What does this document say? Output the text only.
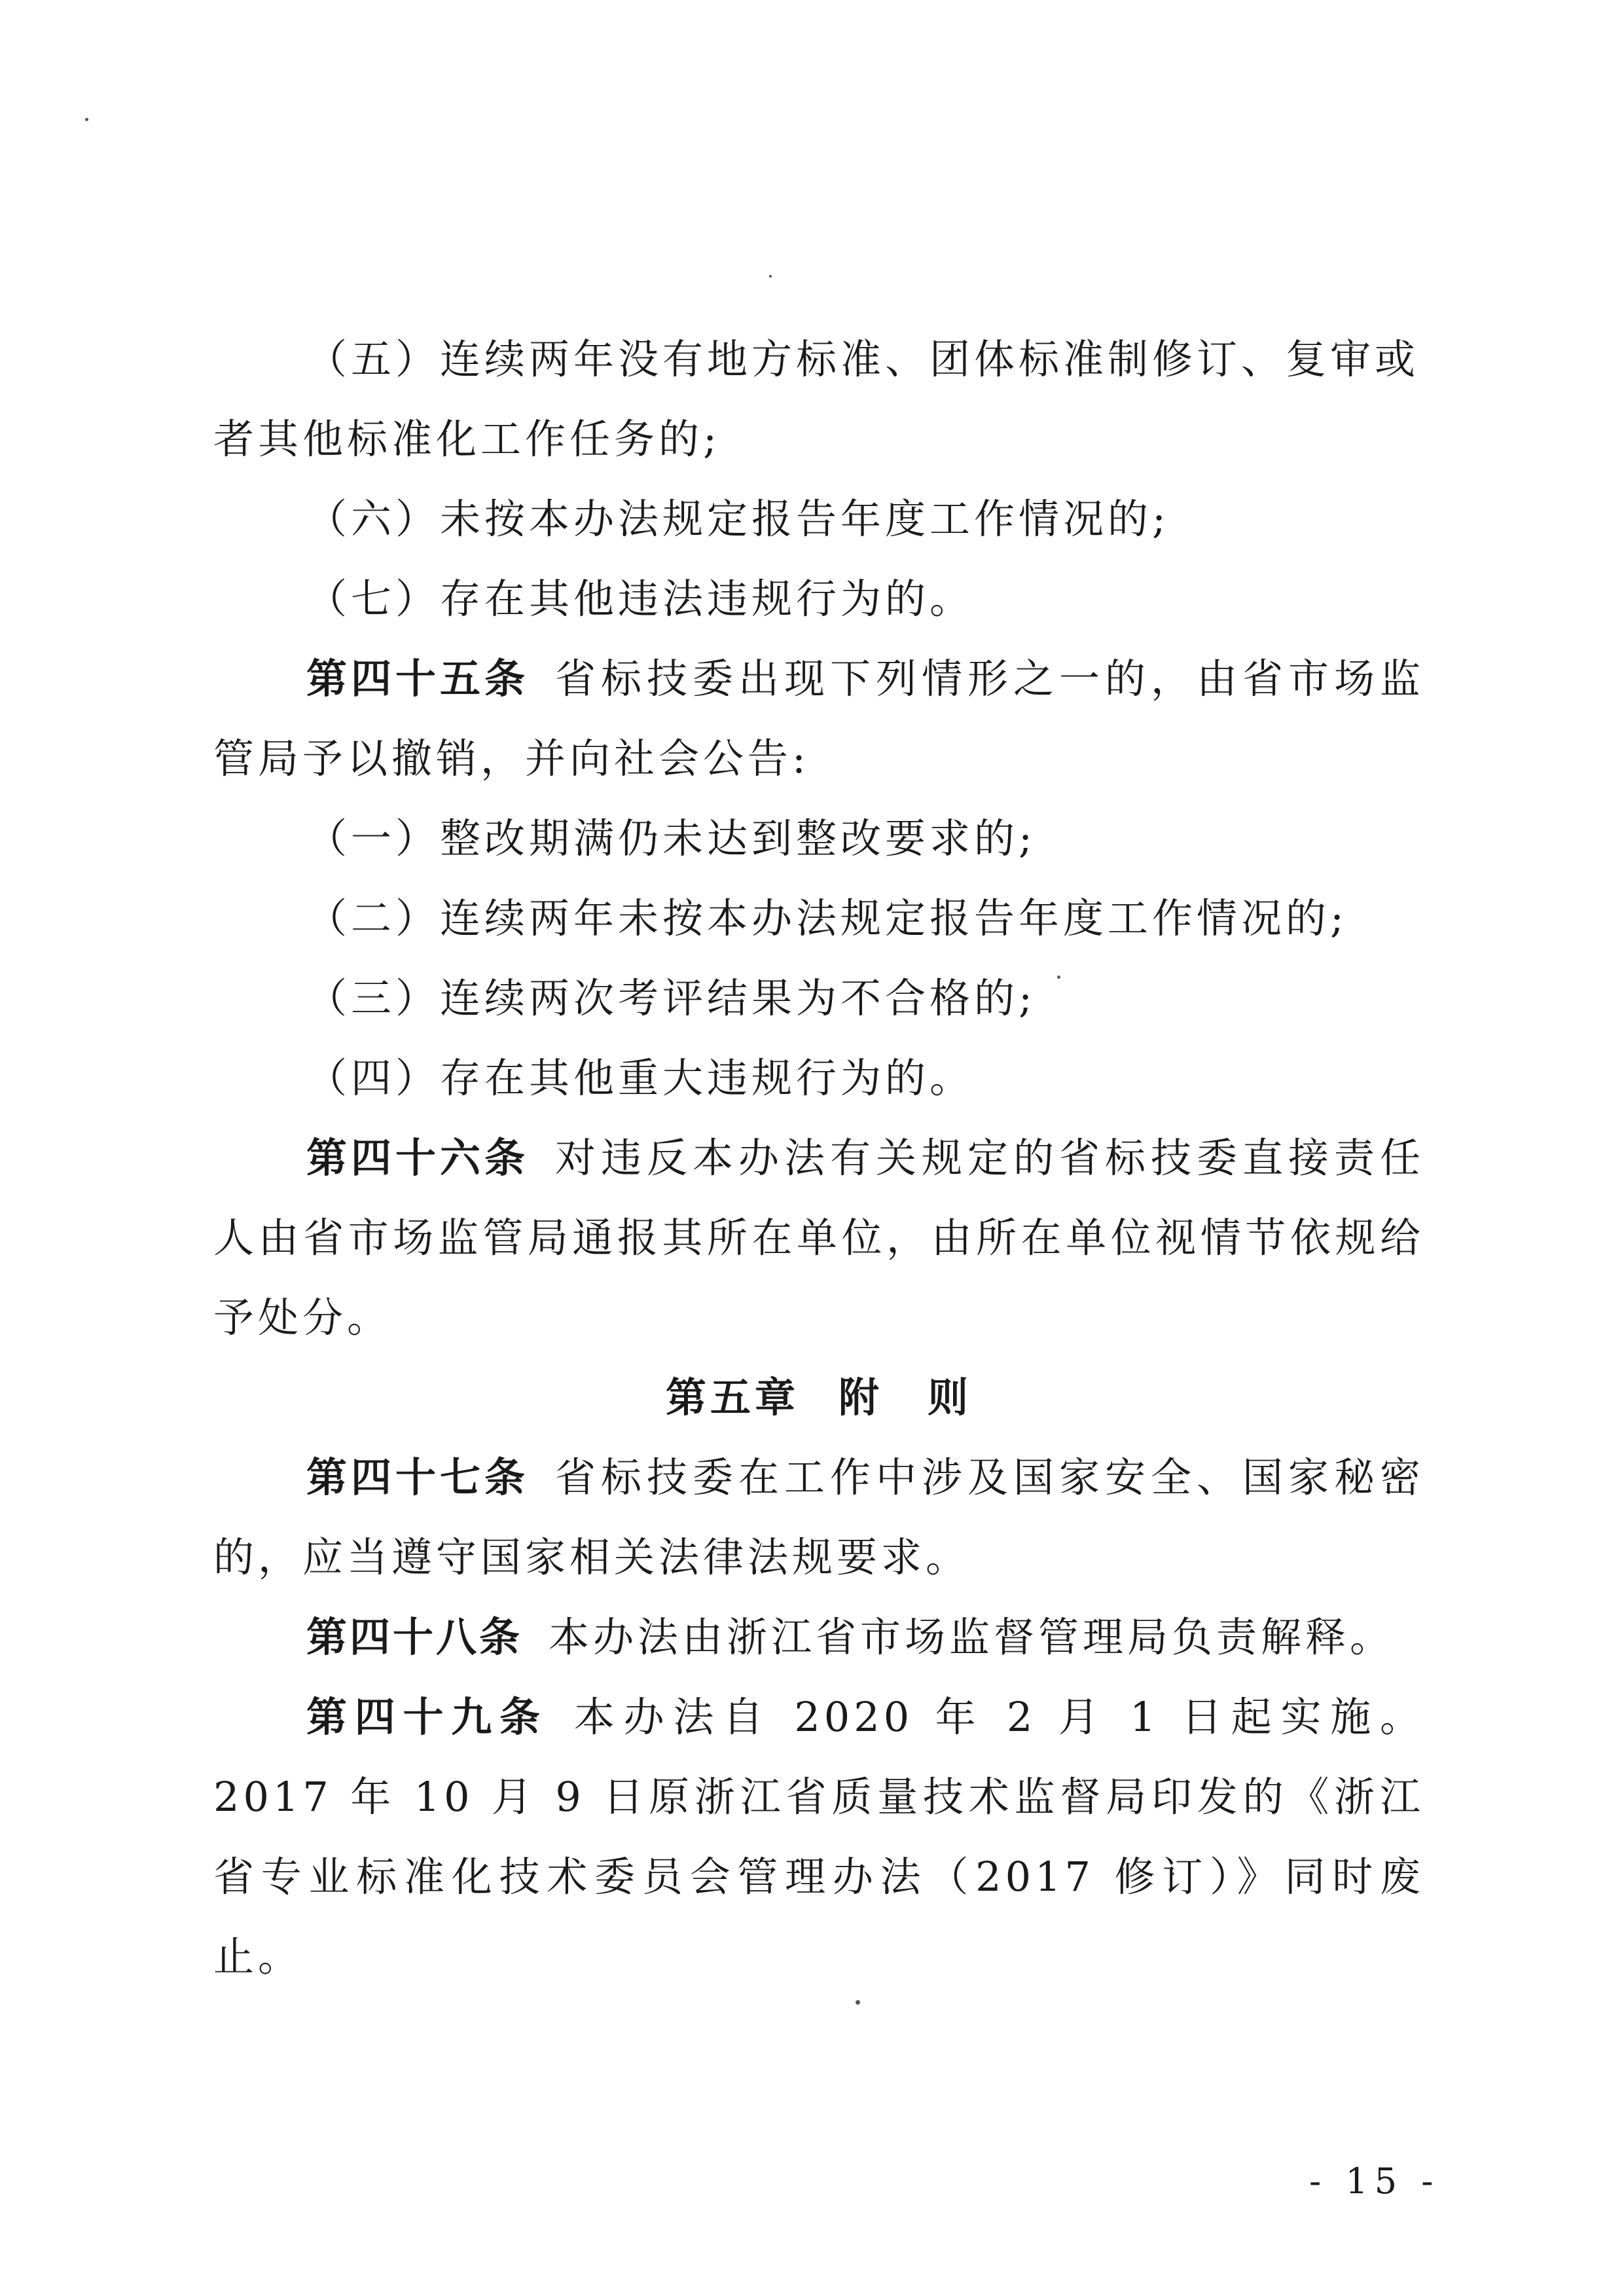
（五）连续两年没有地方标准、团体标准制修订、复审或者其他标准化工作任务的;

（六）未按本办法规定报告年度工作情况的;

（七）存在其他违法违规行为的。

第四十五条 省标技委出现下列情形之一的，由省市场监管局予以撤销，并向社会公告:

（一）整改期满仍未达到整改要求的;

（二）连续两年未按本办法规定报告年度工作情况的;

（三）连续两次考评结果为不合格的;

（四）存在其他重大违规行为的。

第四十六条 对违反本办法有关规定的省标技委直接责任人由省市场监管局通报其所在单位，由所在单位视情节依规给予处分。

第五章 附　则

第四十七条 省标技委在工作中涉及国家安全、国家秘密的，应当遵守国家相关法律法规要求。

第四十八条 本办法由浙江省市场监督管理局负责解释。

第四十九条 本办法自 2020 年 2 月 1 日起实施。2017 年 10 月 9 日原浙江省质量技术监督局印发的《浙江省专业标准化技术委员会管理办法（2017 修订）》同时废止。

- 15 -
